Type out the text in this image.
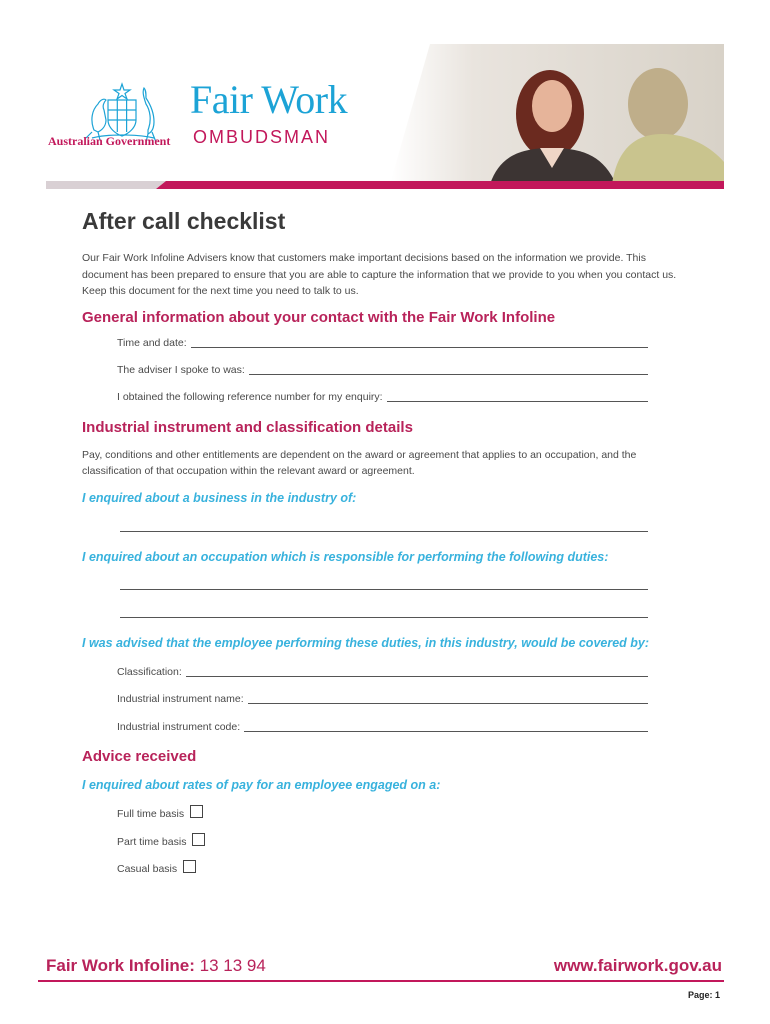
Australian Government
Fair Work
OMBUDSMAN
After call checklist
Our Fair Work Infoline Advisers know that customers make important decisions based on the information we provide. This document has been prepared to ensure that you are able to capture the information that we provide to you when you contact us. Keep this document for the next time you need to talk to us.
General information about your contact with the Fair Work Infoline
Time and date:
The adviser I spoke to was:
I obtained the following reference number for my enquiry:
Industrial instrument and classification details
Pay, conditions and other entitlements are dependent on the award or agreement that applies to an occupation, and the classification of that occupation within the relevant award or agreement.
I enquired about a business in the industry of:
I enquired about an occupation which is responsible for performing the following duties:
I was advised that the employee performing these duties, in this industry, would be covered by:
Classification:
Industrial instrument name:
Industrial instrument code:
Advice received
I enquired about rates of pay for an employee engaged on a:
Full time basis
Part time basis
Casual basis
Fair Work Infoline: 13 13 94	www.fairwork.gov.au
Page: 1
